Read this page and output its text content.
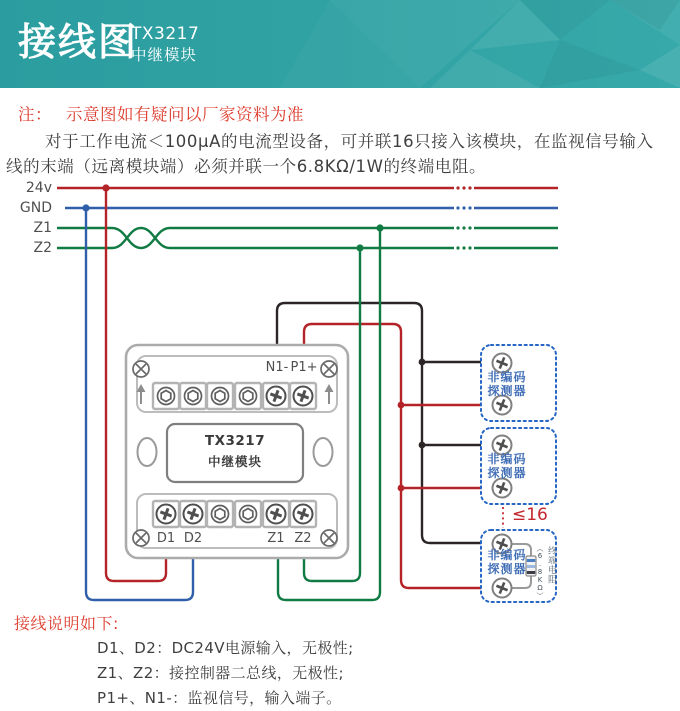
接线图
TX3217
中继模块
注： 示意图如有疑问以厂家资料为准
对于工作电流＜100μA的电流型设备，可并联16只接入该模块，在监视信号输入
线的末端（远离模块端）必须并联一个6.8KΩ/1W的终端电阻。
24v
GND
Z1
Z2
N1- P1+
TX3217
中继模块
D1 D2	Z1 Z2
非编码
探测器
非编码
探测器
非编码
探测器
≤16
（6.8KΩ） 终端电阻
接线说明如下:
D1、D2：DC24V电源输入，无极性;
Z1、Z2：接控制器二总线，无极性;
P1+、N1-：监视信号，输入端子。
